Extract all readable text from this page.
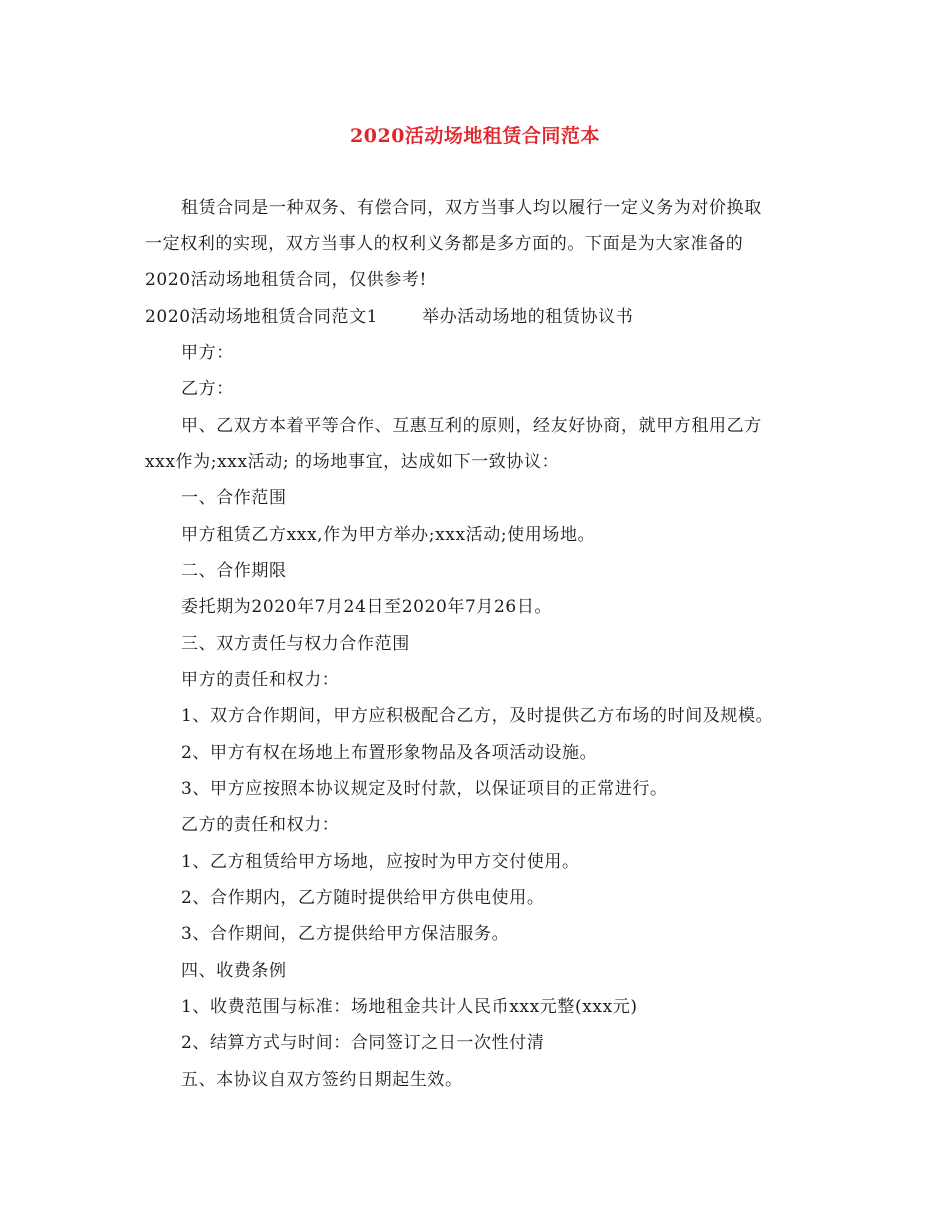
2020活动场地租赁合同范本
租赁合同是一种双务、有偿合同，双方当事人均以履行一定义务为对价换取
一定权利的实现，双方当事人的权利义务都是多方面的。下面是为大家准备的
2020活动场地租赁合同，仅供参考!
2020活动场地租赁合同范文1	举办活动场地的租赁协议书
甲方：
乙方：
甲、乙双方本着平等合作、互惠互利的原则，经友好协商，就甲方租用乙方
xxx作为;xxx活动; 的场地事宜，达成如下一致协议：
一、合作范围
甲方租赁乙方xxx,作为甲方举办;xxx活动;使用场地。
二、合作期限
委托期为2020年7月24日至2020年7月26日。
三、双方责任与权力合作范围
甲方的责任和权力：
1、双方合作期间，甲方应积极配合乙方，及时提供乙方布场的时间及规模。
2、甲方有权在场地上布置形象物品及各项活动设施。
3、甲方应按照本协议规定及时付款，以保证项目的正常进行。
乙方的责任和权力：
1、乙方租赁给甲方场地，应按时为甲方交付使用。
2、合作期内，乙方随时提供给甲方供电使用。
3、合作期间，乙方提供给甲方保洁服务。
四、收费条例
1、收费范围与标准：场地租金共计人民币xxx元整(xxx元)
2、结算方式与时间：合同签订之日一次性付清
五、本协议自双方签约日期起生效。
